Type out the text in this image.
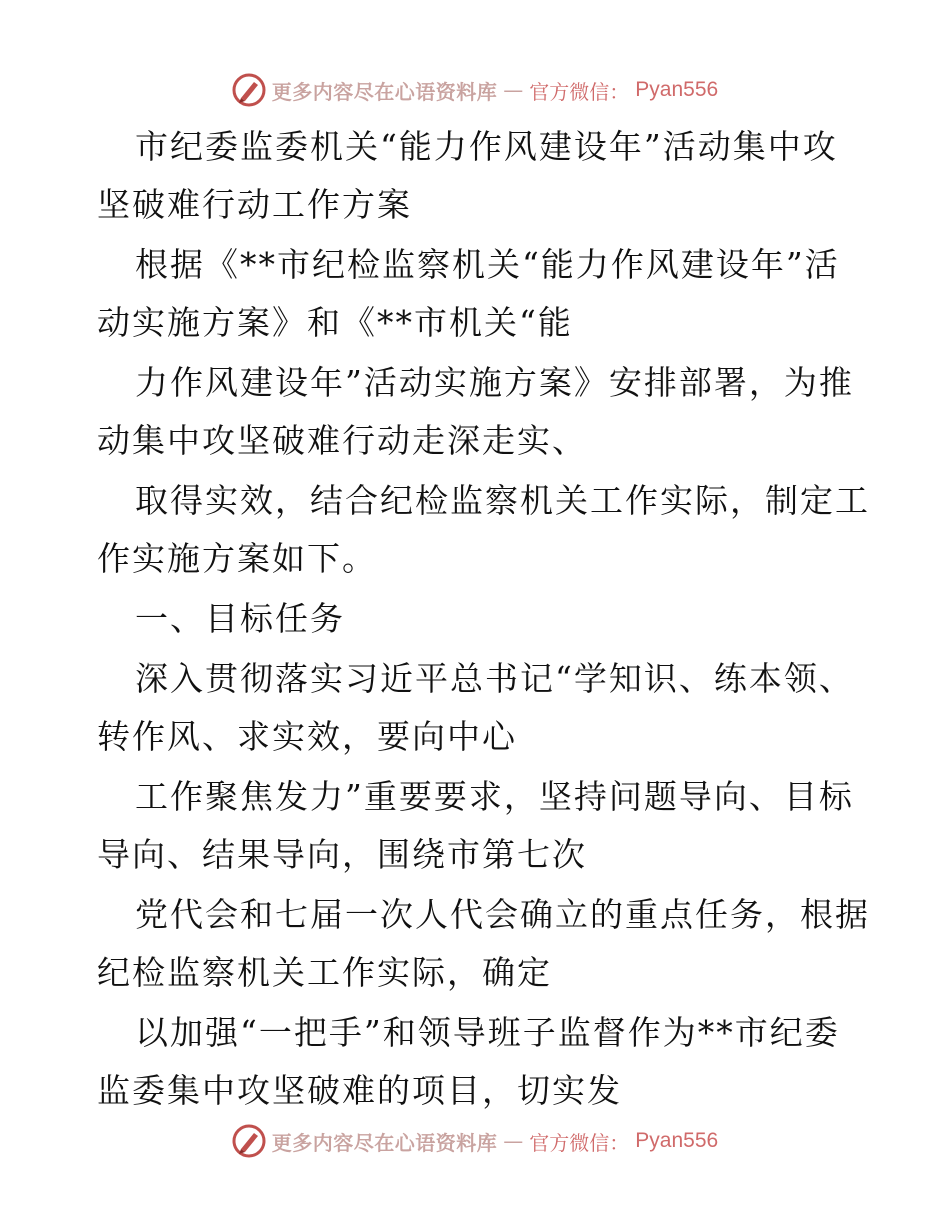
更多内容尽在心语资料库 — 官方微信： Pyan556
市纪委监委机关“能力作风建设年”活动集中攻
坚破难行动工作方案
根据《**市纪检监察机关“能力作风建设年”活
动实施方案》和《**市机关“能
力作风建设年”活动实施方案》安排部署，为推
动集中攻坚破难行动走深走实、
取得实效，结合纪检监察机关工作实际，制定工
作实施方案如下。
一、目标任务
深入贯彻落实习近平总书记“学知识、练本领、
转作风、求实效，要向中心
工作聚焦发力”重要要求，坚持问题导向、目标
导向、结果导向，围绕市第七次
党代会和七届一次人代会确立的重点任务，根据
纪检监察机关工作实际，确定
以加强“一把手”和领导班子监督作为**市纪委
监委集中攻坚破难的项目，切实发
更多内容尽在心语资料库 — 官方微信： Pyan556
